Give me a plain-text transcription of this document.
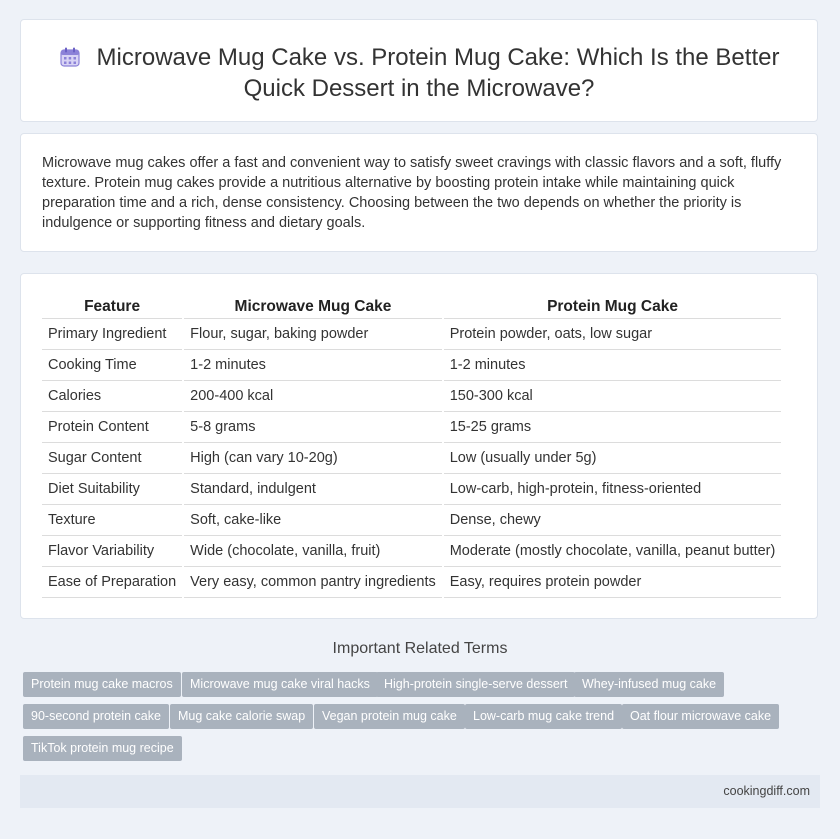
Microwave Mug Cake vs. Protein Mug Cake: Which Is the Better
Quick Dessert in the Microwave?

Microwave mug cakes offer a fast and convenient way to satisfy sweet cravings with classic flavors and a soft, fluffy texture. Protein mug cakes provide a nutritious alternative by boosting protein intake while maintaining quick preparation time and a rich, dense consistency. Choosing between the two depends on whether the priority is indulgence or supporting fitness and dietary goals.

Feature		Microwave Mug Cake		Protein Mug Cake
Primary Ingredient		Flour, sugar, baking powder		Protein powder, oats, low sugar
Cooking Time		1-2 minutes		1-2 minutes
Calories		200-400 kcal		150-300 kcal
Protein Content		5-8 grams		15-25 grams
Sugar Content		High (can vary 10-20g)		Low (usually under 5g)
Diet Suitability		Standard, indulgent		Low-carb, high-protein, fitness-oriented
Texture		Soft, cake-like		Dense, chewy
Flavor Variability		Wide (chocolate, vanilla, fruit)		Moderate (mostly chocolate, vanilla, peanut butter)
Ease of Preparation		Very easy, common pantry ingredients		Easy, requires protein powder
Important Related Terms
Protein mug cake macros	Microwave mug cake viral hacks	High-protein single-serve dessert	Whey-infused mug cake
90-second protein cake	Mug cake calorie swap	Vegan protein mug cake	Low-carb mug cake trend	Oat flour microwave cake
TikTok protein mug recipe
cookingdiff.com
